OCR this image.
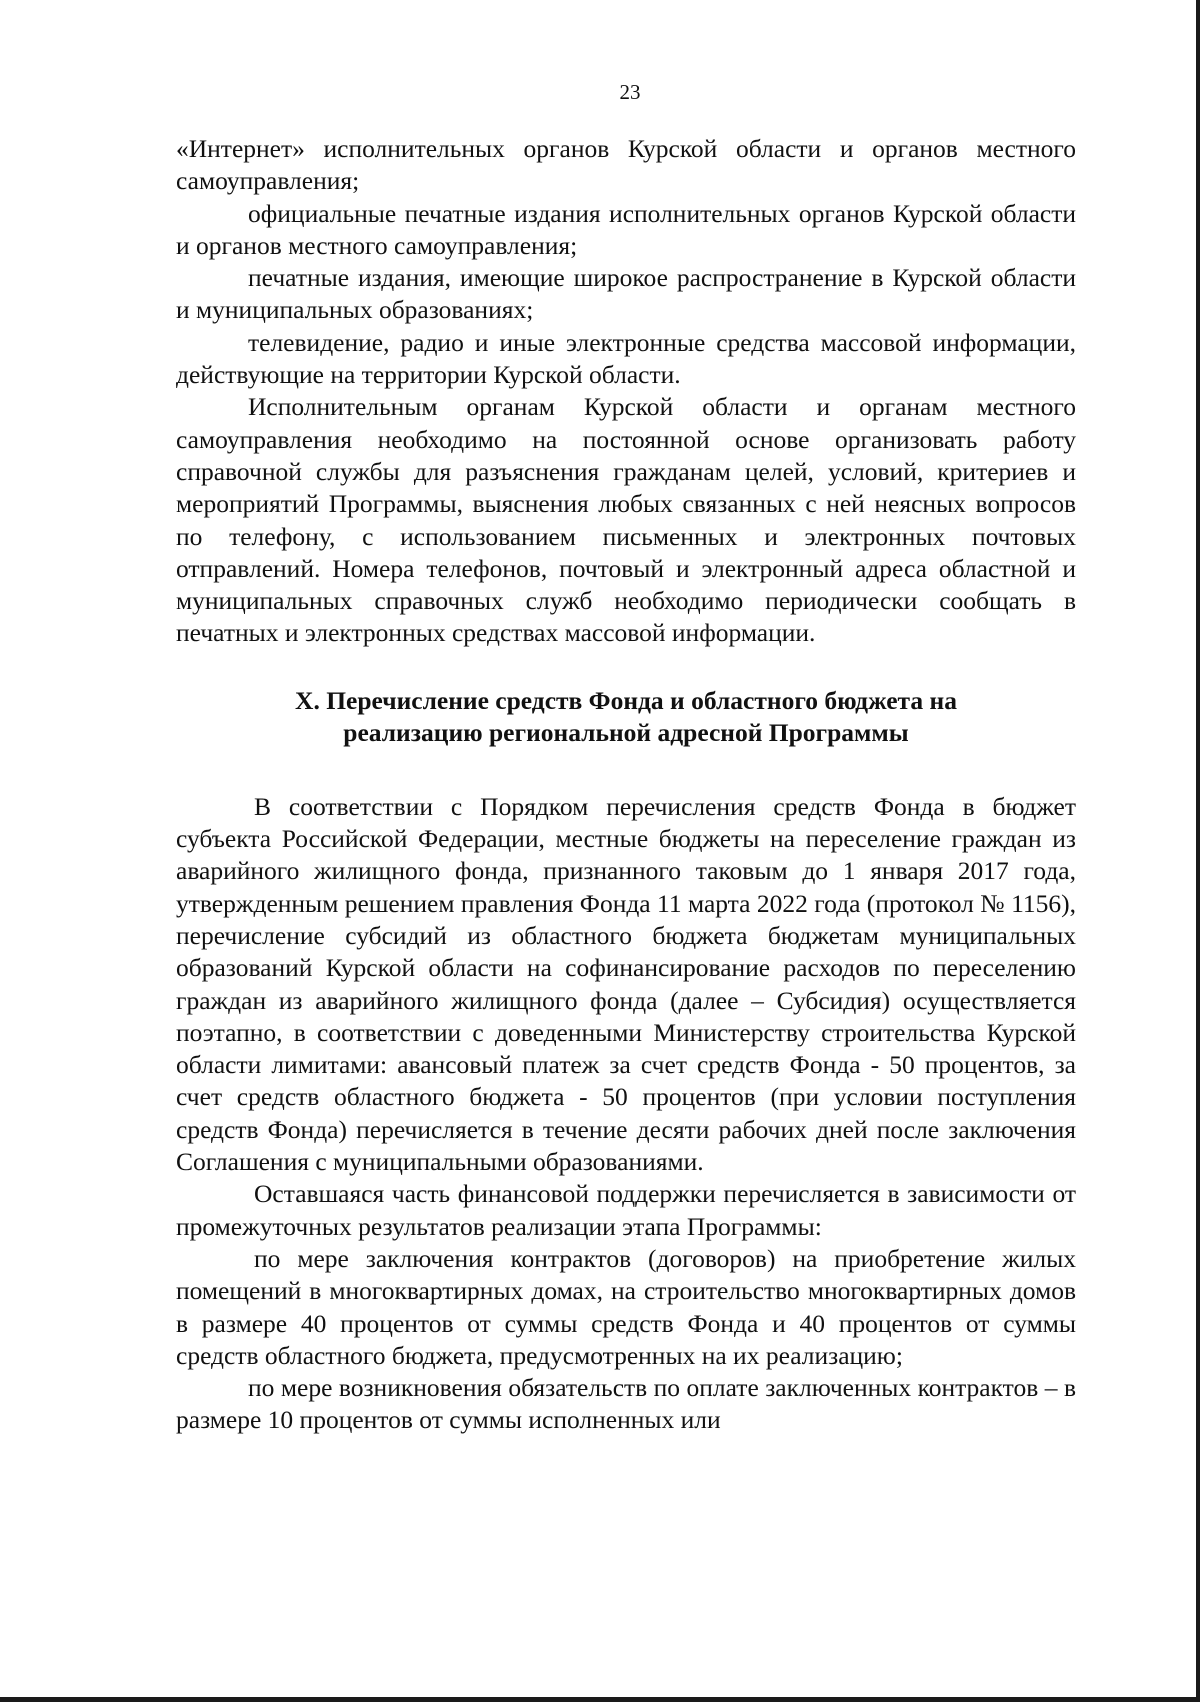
23

«Интернет» исполнительных органов Курской области и органов местного самоуправления;

официальные печатные издания исполнительных органов Курской области и органов местного самоуправления;

печатные издания, имеющие широкое распространение в Курской области и муниципальных образованиях;

телевидение, радио и иные электронные средства массовой информации, действующие на территории Курской области.

Исполнительным органам Курской области и органам местного самоуправления необходимо на постоянной основе организовать работу справочной службы для разъяснения гражданам целей, условий, критериев и мероприятий Программы, выяснения любых связанных с ней неясных вопросов по телефону, с использованием письменных и электронных почтовых отправлений. Номера телефонов, почтовый и электронный адреса областной и муниципальных справочных служб необходимо периодически сообщать в печатных и электронных средствах массовой информации.

X. Перечисление средств Фонда и областного бюджета на
реализацию региональной адресной Программы

В соответствии с Порядком перечисления средств Фонда в бюджет субъекта Российской Федерации, местные бюджеты на переселение граждан из аварийного жилищного фонда, признанного таковым до 1 января 2017 года, утвержденным решением правления Фонда 11 марта 2022 года (протокол № 1156), перечисление субсидий из областного бюджета бюджетам муниципальных образований Курской области на софинансирование расходов по переселению граждан из аварийного жилищного фонда (далее – Субсидия) осуществляется поэтапно, в соответствии с доведенными Министерству строительства Курской области лимитами: авансовый платеж за счет средств Фонда - 50 процентов, за счет средств областного бюджета - 50 процентов (при условии поступления средств Фонда) перечисляется в течение десяти рабочих дней после заключения Соглашения с муниципальными образованиями.

Оставшаяся часть финансовой поддержки перечисляется в зависимости от промежуточных результатов реализации этапа Программы:

по мере заключения контрактов (договоров) на приобретение жилых помещений в многоквартирных домах, на строительство многоквартирных домов в размере 40 процентов от суммы средств Фонда и 40 процентов от суммы средств областного бюджета, предусмотренных на их реализацию;

по мере возникновения обязательств по оплате заключенных контрактов – в размере 10 процентов от суммы исполненных или
